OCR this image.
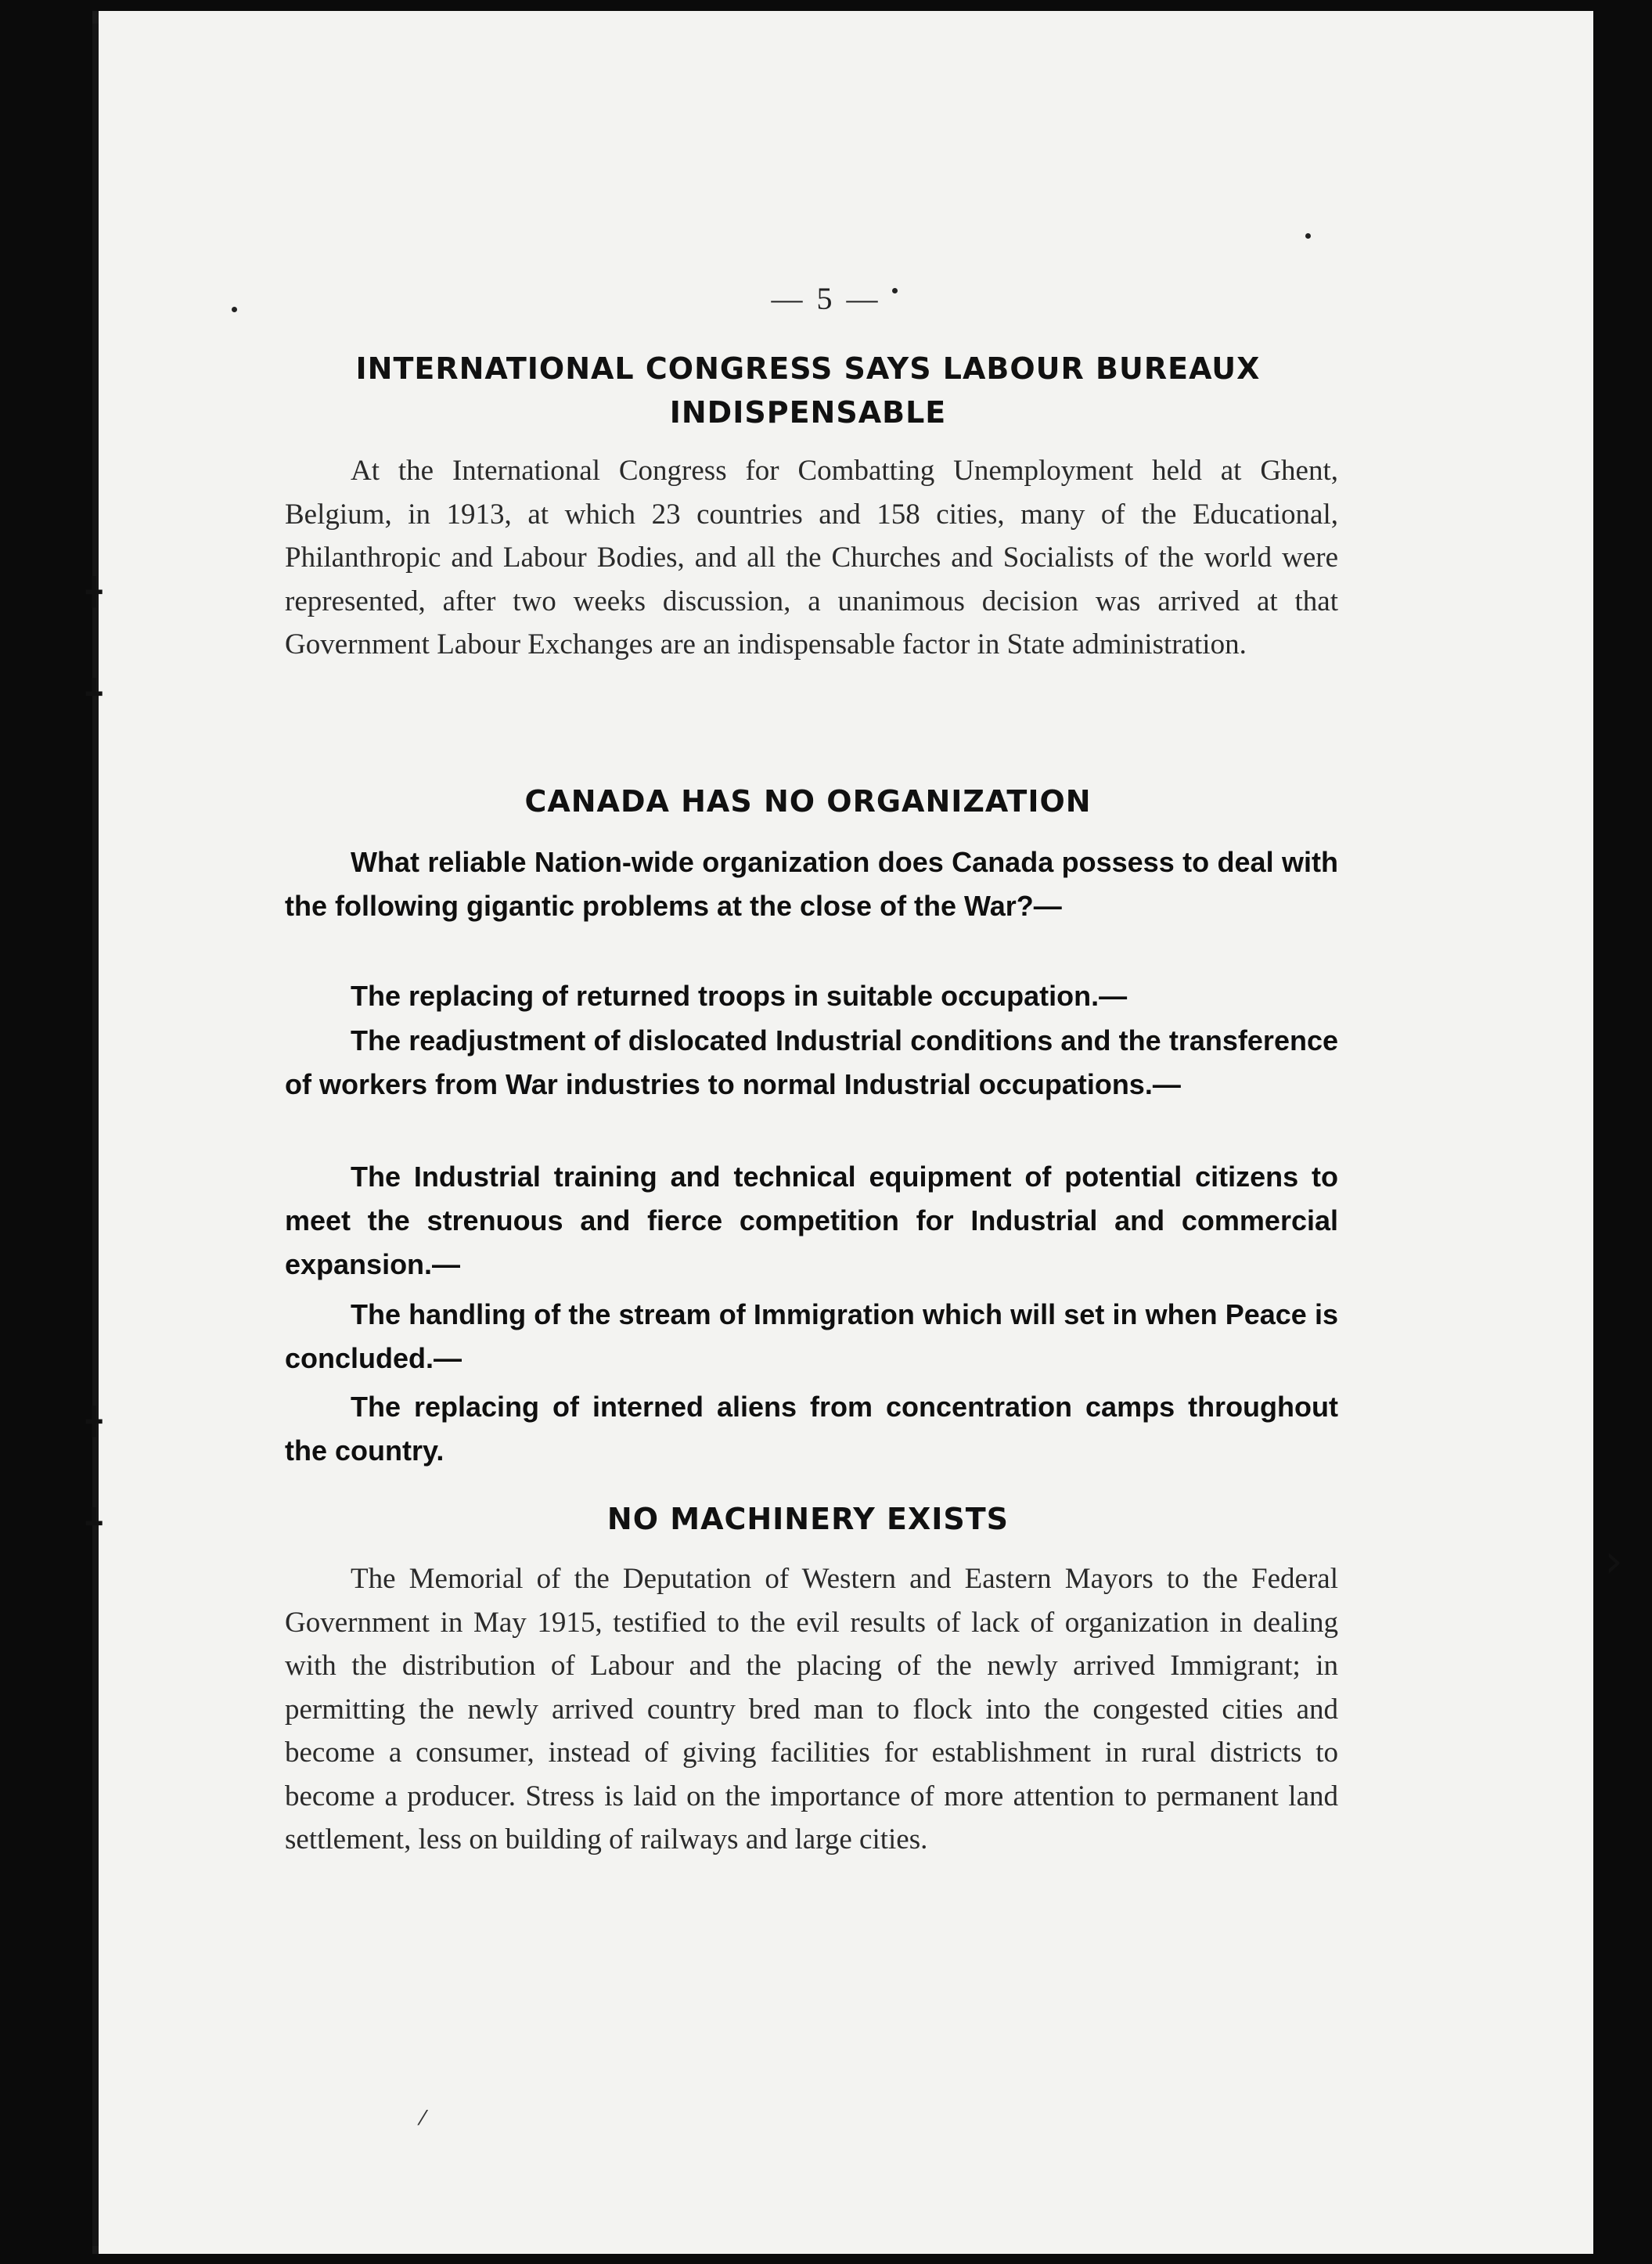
╋
┻
╋
┻
⁄
›
— 5 —
INTERNATIONAL CONGRESS SAYS LABOUR BUREAUX INDISPENSABLE

At the International Congress for Combatting Unemployment held at Ghent, Belgium, in 1913, at which 23 countries and 158 cities, many of the Educational, Philanthropic and Labour Bodies, and all the Churches and Socialists of the world were represented, after two weeks discussion, a unanimous decision was arrived at that Government Labour Exchanges are an indispensable factor in State administration.

CANADA HAS NO ORGANIZATION

What reliable Nation-wide organization does Canada possess to deal with the following gigantic problems at the close of the War?—

The replacing of returned troops in suitable occupation.—

The readjustment of dislocated Industrial conditions and the transference of workers from War industries to normal Industrial occupations.—

The Industrial training and technical equipment of potential citizens to meet the strenuous and fierce competition for Industrial and commercial expansion.—

The handling of the stream of Immigration which will set in when Peace is concluded.—

The replacing of interned aliens from concentration camps throughout the country.

NO MACHINERY EXISTS

The Memorial of the Deputation of Western and Eastern Mayors to the Federal Government in May 1915, testified to the evil results of lack of organization in dealing with the distribution of Labour and the placing of the newly arrived Immigrant; in permitting the newly arrived country bred man to flock into the congested cities and become a consumer, instead of giving facilities for establishment in rural districts to become a producer. Stress is laid on the importance of more attention to permanent land settlement, less on building of railways and large cities.
